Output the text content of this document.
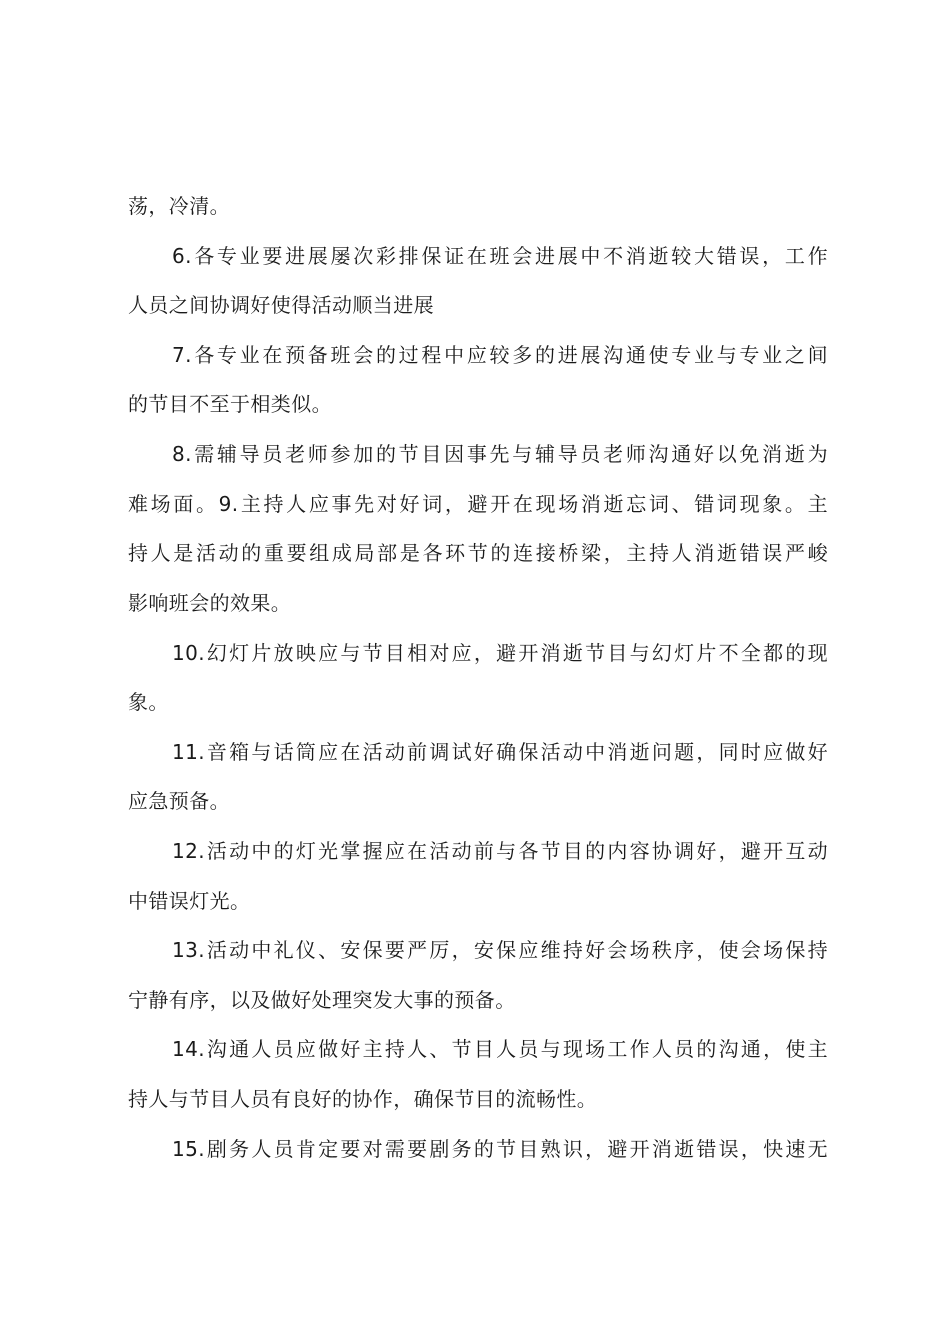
荡，冷清。
6.各专业要进展屡次彩排保证在班会进展中不消逝较大错误，工作
人员之间协调好使得活动顺当进展
7.各专业在预备班会的过程中应较多的进展沟通使专业与专业之间
的节目不至于相类似。
8.需辅导员老师参加的节目因事先与辅导员老师沟通好以免消逝为
难场面。9.主持人应事先对好词，避开在现场消逝忘词、错词现象。主
持人是活动的重要组成局部是各环节的连接桥梁，主持人消逝错误严峻
影响班会的效果。
10.幻灯片放映应与节目相对应，避开消逝节目与幻灯片不全都的现
象。
11.音箱与话筒应在活动前调试好确保活动中消逝问题，同时应做好
应急预备。
12.活动中的灯光掌握应在活动前与各节目的内容协调好，避开互动
中错误灯光。
13.活动中礼仪、安保要严厉，安保应维持好会场秩序，使会场保持
宁静有序，以及做好处理突发大事的预备。
14.沟通人员应做好主持人、节目人员与现场工作人员的沟通，使主
持人与节目人员有良好的协作，确保节目的流畅性。
15.剧务人员肯定要对需要剧务的节目熟识，避开消逝错误，快速无
